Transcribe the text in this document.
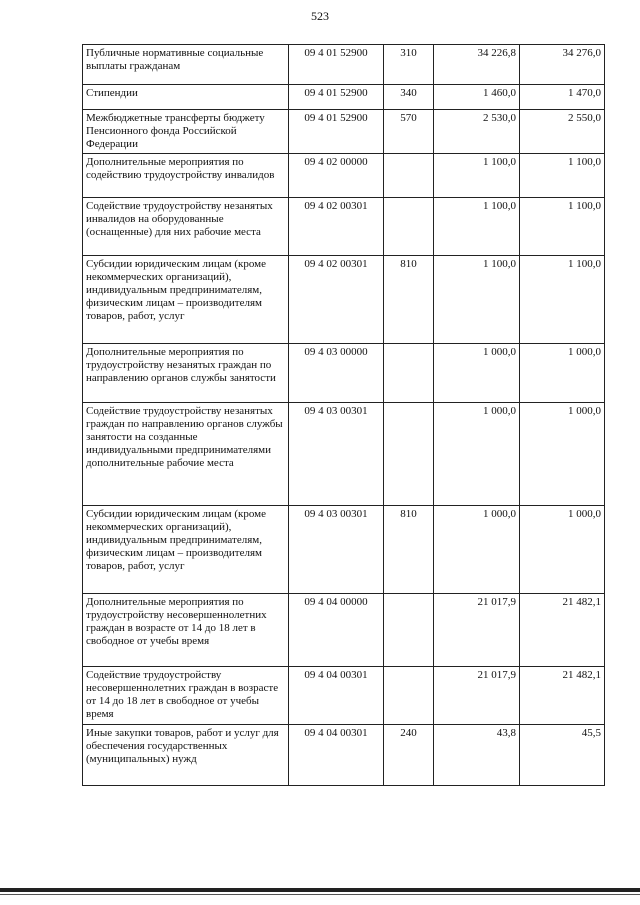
523
Публичные нормативные социальные выплаты гражданам	09 4 01 52900	310	34 226,8	34 276,0
Стипендии	09 4 01 52900	340	1 460,0	1 470,0
Межбюджетные трансферты бюджету Пенсионного фонда Российской Федерации	09 4 01 52900	570	2 530,0	2 550,0
Дополнительные мероприятия по содействию трудоустройству инвалидов	09 4 02 00000		1 100,0	1 100,0
Содействие трудоустройству незанятых инвалидов на оборудованные (оснащенные) для них рабочие места	09 4 02 00301		1 100,0	1 100,0
Субсидии юридическим лицам (кроме некоммерческих организаций), индивидуальным предпринимателям, физическим лицам – производителям товаров, работ, услуг	09 4 02 00301	810	1 100,0	1 100,0
Дополнительные мероприятия по трудоустройству незанятых граждан по направлению органов службы занятости	09 4 03 00000		1 000,0	1 000,0
Содействие трудоустройству незанятых граждан по направлению органов службы занятости на созданные индивидуальными предпринимателями дополнительные рабочие места	09 4 03 00301		1 000,0	1 000,0
Субсидии юридическим лицам (кроме некоммерческих организаций), индивидуальным предпринимателям, физическим лицам – производителям товаров, работ, услуг	09 4 03 00301	810	1 000,0	1 000,0
Дополнительные мероприятия по трудоустройству несовершеннолетних граждан в возрасте от 14 до 18 лет в свободное от учебы время	09 4 04 00000		21 017,9	21 482,1
Содействие трудоустройству несовершеннолетних граждан в возрасте от 14 до 18 лет в свободное от учебы время	09 4 04 00301		21 017,9	21 482,1
Иные закупки товаров, работ и услуг для обеспечения государственных (муниципальных) нужд	09 4 04 00301	240	43,8	45,5
